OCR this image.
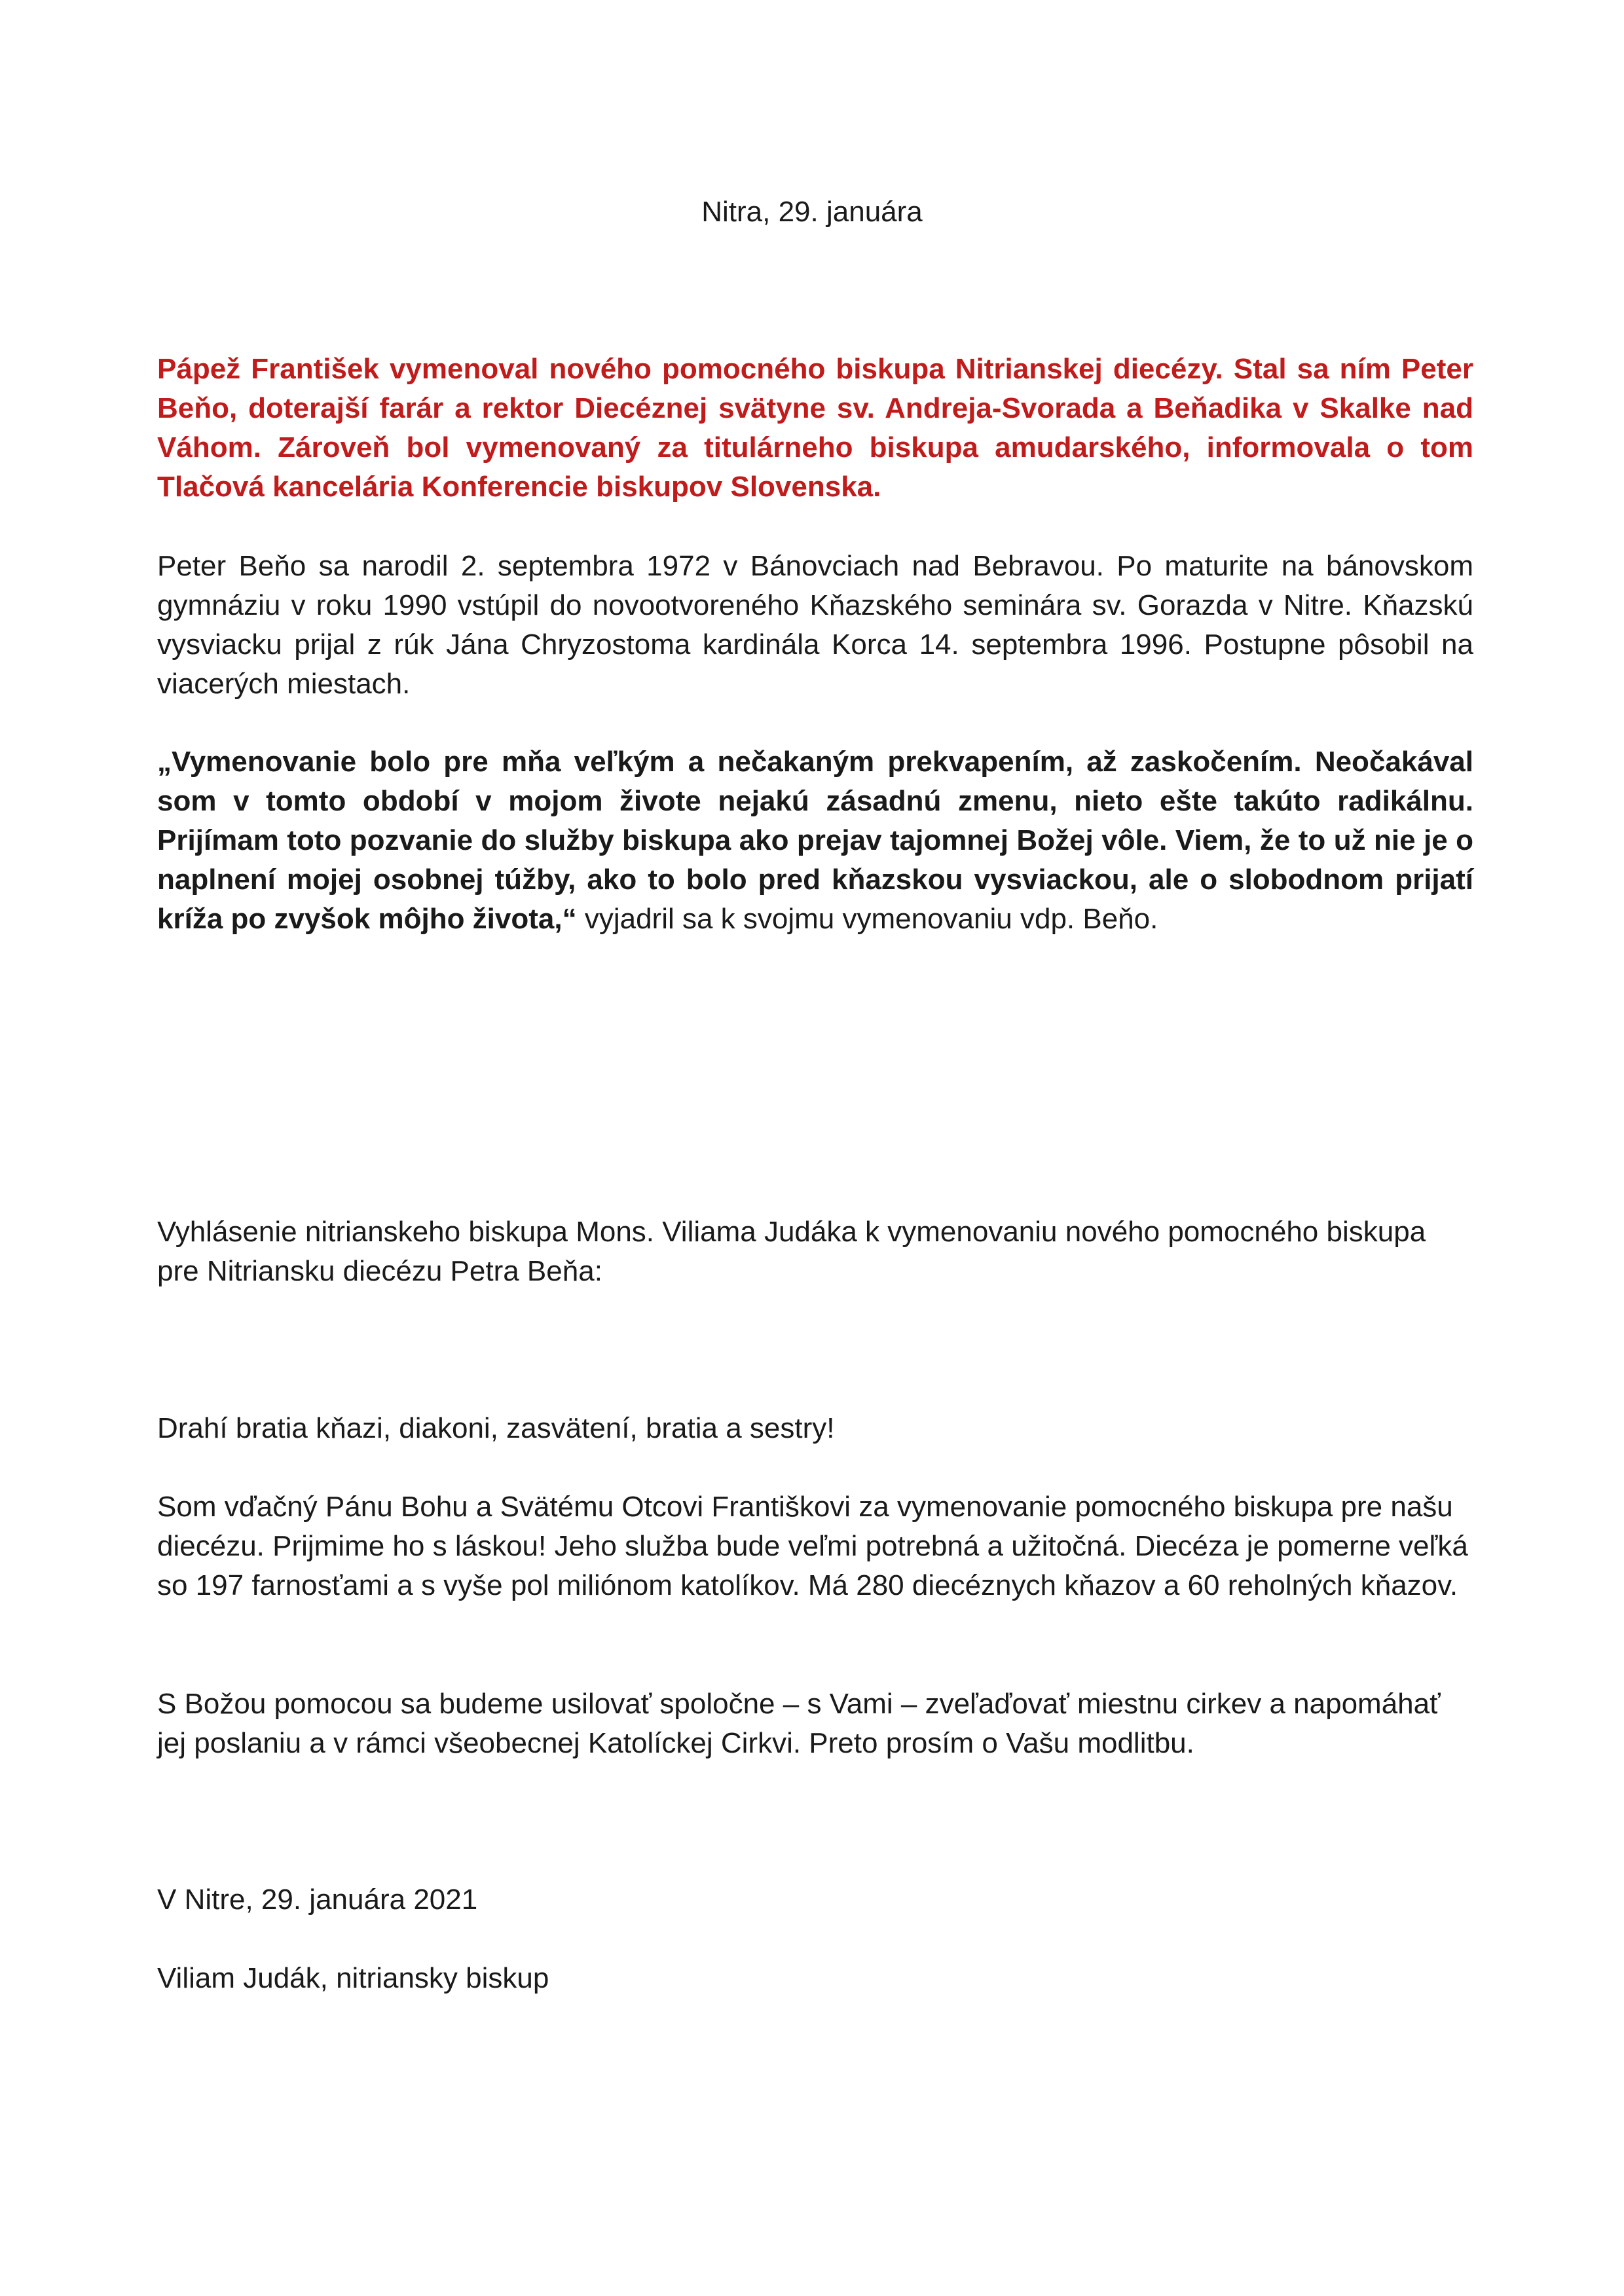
Nitra, 29. januára

Pápež František vymenoval nového pomocného biskupa Nitrianskej diecézy. Stal sa ním Peter Beňo, doterajší farár a rektor Diecéznej svätyne sv. Andreja-Svorada a Beňadika v Skalke nad Váhom. Zároveň bol vymenovaný za titulárneho biskupa amudarského, informovala o tom Tlačová kancelária Konferencie biskupov Slovenska.

Peter Beňo sa narodil 2. septembra 1972 v Bánovciach nad Bebravou. Po maturite na bánovskom gymnáziu v roku 1990 vstúpil do novootvoreného Kňazského seminára sv. Gorazda v Nitre. Kňazskú vysviacku prijal z rúk Jána Chryzostoma kardinála Korca 14. septembra 1996. Postupne pôsobil na viacerých miestach.

„Vymenovanie bolo pre mňa veľkým a nečakaným prekvapením, až zaskočením. Neočakával som v tomto období v mojom živote nejakú zásadnú zmenu, nieto ešte takúto radikálnu. Prijímam toto pozvanie do služby biskupa ako prejav tajomnej Božej vôle. Viem, že to už nie je o naplnení mojej osobnej túžby, ako to bolo pred kňazskou vysviackou, ale o slobodnom prijatí kríža po zvyšok môjho života,“ vyjadril sa k svojmu vymenovaniu vdp. Beňo.

Vyhlásenie nitrianskeho biskupa Mons. Viliama Judáka k vymenovaniu nového pomocného biskupa pre Nitriansku diecézu Petra Beňa:

Drahí bratia kňazi, diakoni, zasvätení, bratia a sestry!

Som vďačný Pánu Bohu a Svätému Otcovi Františkovi za vymenovanie pomocného biskupa pre našu diecézu. Prijmime ho s láskou! Jeho služba bude veľmi potrebná a užitočná. Diecéza je pomerne veľká so 197 farnosťami a s vyše pol miliónom katolíkov. Má 280 diecéznych kňazov a 60 reholných kňazov.

S Božou pomocou sa budeme usilovať spoločne – s Vami – zveľaďovať miestnu cirkev a napomáhať jej poslaniu a v rámci všeobecnej Katolíckej Cirkvi. Preto prosím o Vašu modlitbu.

V Nitre, 29. januára 2021

Viliam Judák, nitriansky biskup
